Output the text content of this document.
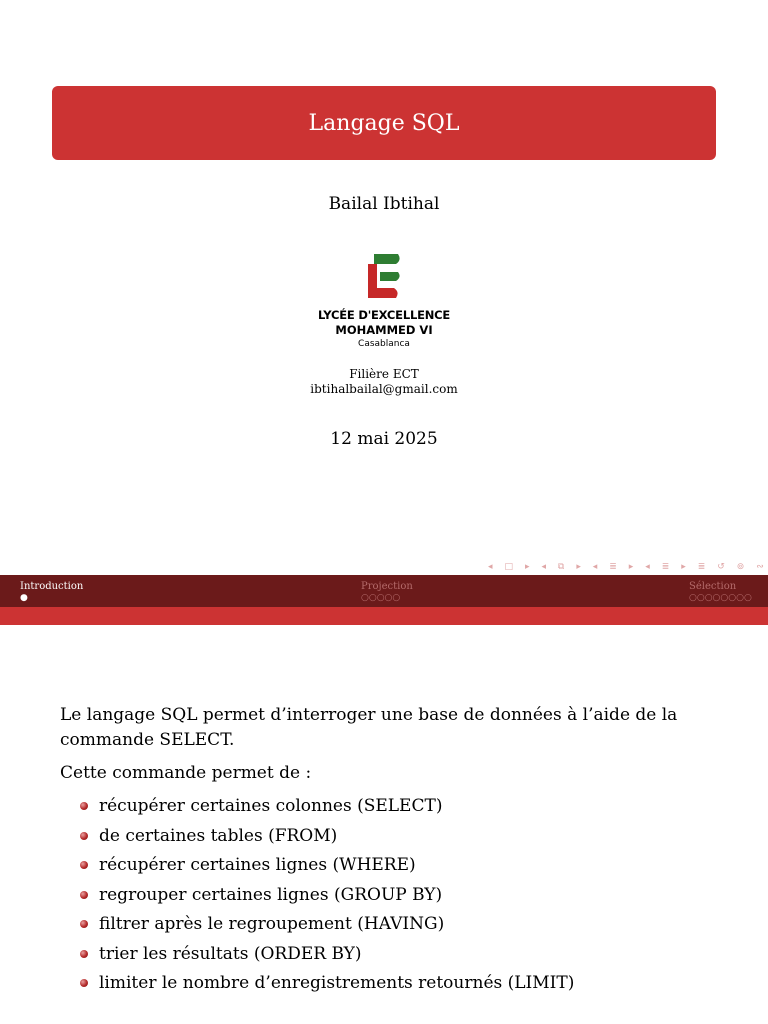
Langage SQL
Bailal Ibtihal
LYCÉE D'EXCELLENCE
MOHAMMED VI
Casablanca
Filière ECT
ibtihalbailal@gmail.com
12 mai 2025
◂ □ ▸ ◂ ⧉ ▸ ◂ ≣ ▸ ◂ ≣ ▸ ≣ ↺ ⊚ ∾
Introduction
●
Projection
○○○○○
Sélection
○○○○○○○○

Le langage SQL permet d’interroger une base de données à l’aide de la commande SELECT.

Cette commande permet de :

récupérer certaines colonnes (SELECT)
de certaines tables (FROM)
récupérer certaines lignes (WHERE)
regrouper certaines lignes (GROUP BY)
filtrer après le regroupement (HAVING)
trier les résultats (ORDER BY)
limiter le nombre d’enregistrements retournés (LIMIT)
